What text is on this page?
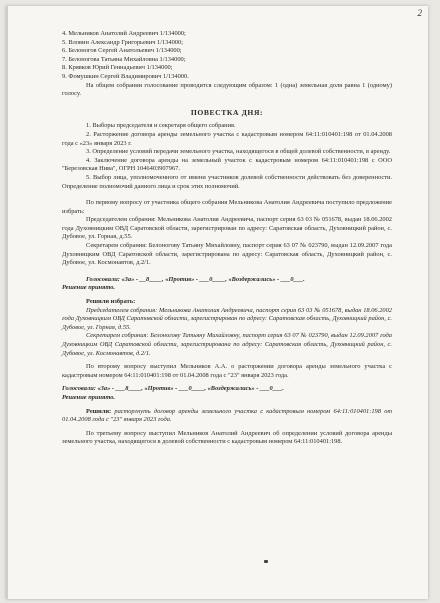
2

4. Мельников Анатолий Андреевич 1/134000;

5. Вловин Александр Григорьевич 1/134000;

6. Белоногов Сергей Анатольевич 1/134000;

7. Белоногова Татьяна Михайловна 1/134000;

8. Крявков Юрий Геннадьевич 1/134000;

9. Фомушкин Сергей Владимирович 1/134000.

На общем собрании голосование проводится следующим образом: 1 (одна) земельная доля равна 1 (одному) голосу.

ПОВЕСТКА ДНЯ:

1. Выборы председателя и секретаря общего собрания.

2. Расторжение договора аренды земельного участка с кадастровым номером 64:11:010401:198 от 01.04.2008 года с «23» января 2023 г.

3. Определение условий передачи земельного участка, находящегося в общей долевой собственности, в аренду.

4. Заключение договора аренды на земельный участок с кадастровым номером 64:11:010401:198 с ООО "Березовская Нива", ОГРН 1046403907967.

5. Выбор лица, уполномоченного от имени участников долевой собственности действовать без доверенности. Определение полномочий данного лица и срок этих полномочий.

По первому вопросу от участника общего собрания Мельникова Анатолия Андреевича поступило предложение избрать:

Председателем собрания: Мельникова Анатолия Андреевича, паспорт серия 63 03 № 051678, выдан 18.06.2002 года Духовницким ОВД Саратовской области, зарегистрирован по адресу: Саратовская область, Духовницкий район, с. Дубовое, ул. Горная, д.55.

Секретарем собрания: Белоногову Татьяну Михайловну, паспорт серия 63 07 № 023790, выдан 12.09.2007 года Духовницким ОВД Саратовской области, зарегистрирована по адресу: Саратовская область, Духовницкий район, с. Дубовое, ул. Космонавтов, д.2/1.

Голосовали: «За» - __8____, «Против» - ___0____, «Воздержались» - ___0___.

Решение принято.

Решили избрать:

Председателем собрания: Мельникова Анатолия Андреевича, паспорт серия 63 03 № 051678, выдан 18.06.2002 года Духовницким ОВД Саратовской области, зарегистрирован по адресу: Саратовская область, Духовницкий район, с. Дубовое, ул. Горная, д.55.

Секретарем собрания: Белоногову Татьяну Михайловну, паспорт серия 63 07 № 023790, выдан 12.09.2007 года Духовницким ОВД Саратовской области, зарегистрирована по адресу: Саратовская область, Духовницкий район, с. Дубовое, ул. Космонавтов, д.2/1.

По второму вопросу выступил Мельников А.А. о расторжении договора аренды земельного участка с кадастровым номером 64:11:010401:198 от 01.04.2008 года с "23" января 2023 года.

Голосовали: «За» - ___8____, «Против» - ___0____, «Воздержались» - ___0___.

Решение принято.

Решили: расторгнуть договор аренды земельного участка с кадастровым номером 64:11:010401:198 от 01.04.2008 года с "23" января 2023 года.

По третьему вопросу выступил Мельников Анатолий Андреевич об определении условий договора аренды земельного участка, находящегося в долевой собственности с кадастровым номером 64:11:010401:198.
